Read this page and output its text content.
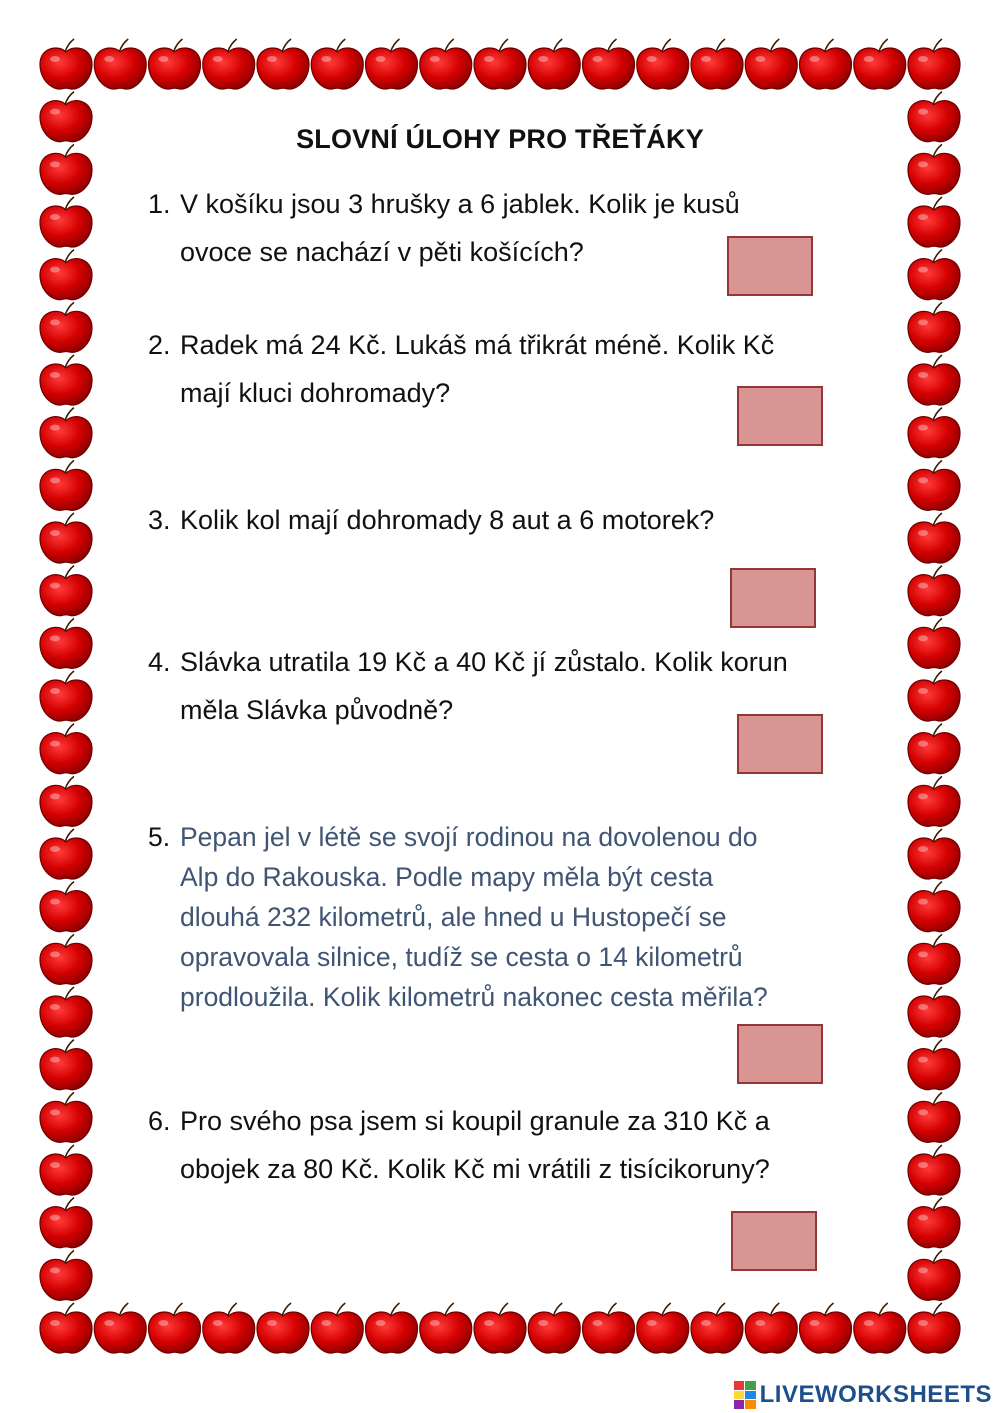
SLOVNÍ ÚLOHY PRO TŘEŤÁKY
1. V košíku jsou 3 hrušky a 6 jablek. Kolik je kusů
ovoce se nachází v pěti košících?
2. Radek má 24 Kč. Lukáš má třikrát méně. Kolik Kč
mají kluci dohromady?
3. Kolik kol mají dohromady 8 aut a 6 motorek?
4. Slávka utratila 19 Kč a 40 Kč jí zůstalo. Kolik korun
měla Slávka původně?
5. Pepan jel v létě se svojí rodinou na dovolenou do
Alp do Rakouska. Podle mapy měla být cesta
dlouhá 232 kilometrů, ale hned u Hustopečí se
opravovala silnice, tudíž se cesta o 14 kilometrů
prodloužila. Kolik kilometrů nakonec cesta měřila?
6. Pro svého psa jsem si koupil granule za 310 Kč a
obojek za 80 Kč. Kolik Kč mi vrátili z tisícikoruny?
LIVEWORKSHEETS
